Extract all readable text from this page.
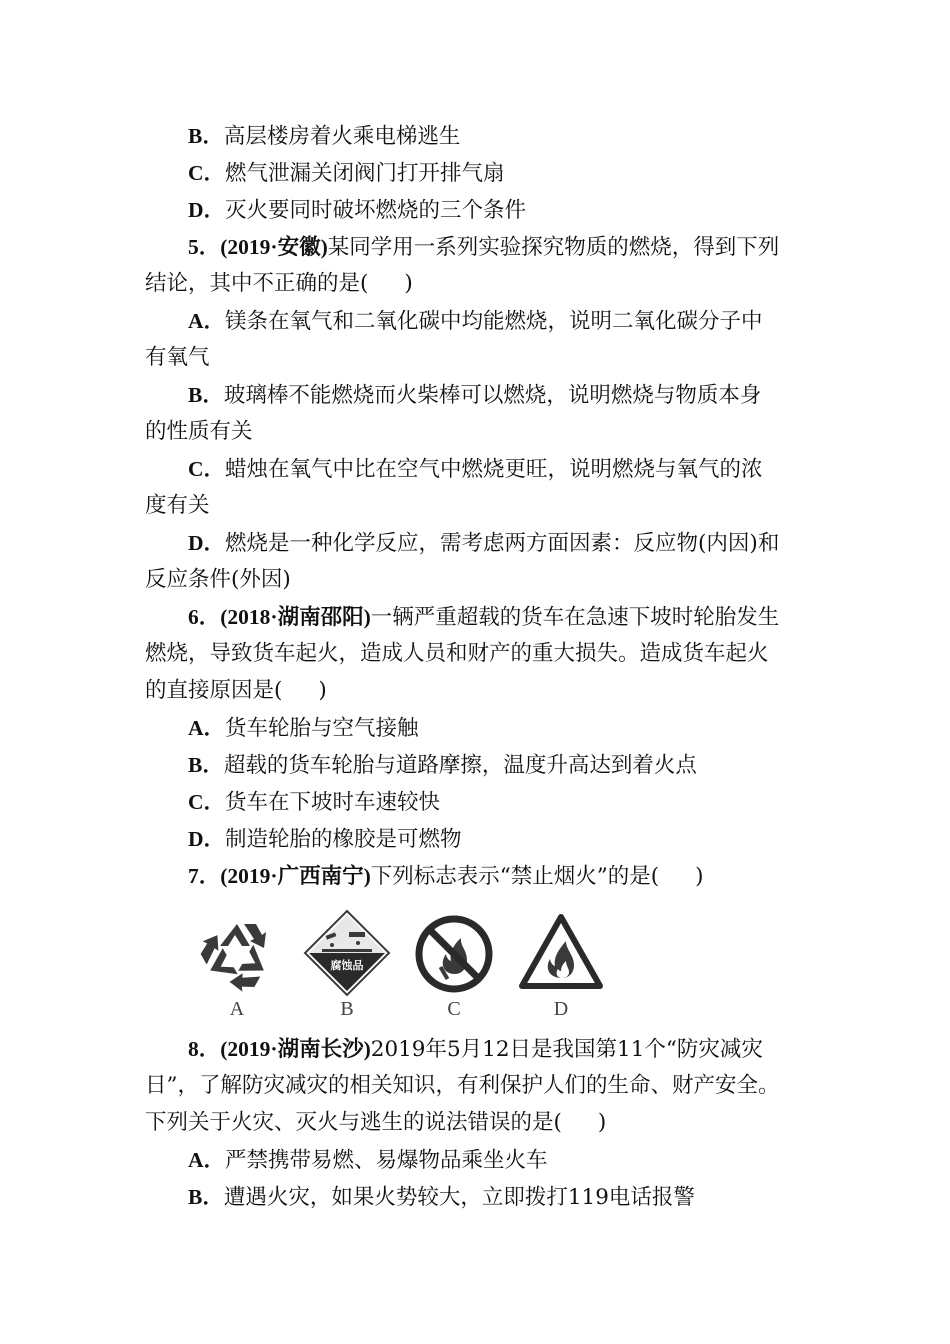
B．高层楼房着火乘电梯逃生
C．燃气泄漏关闭阀门打开排气扇
D．灭火要同时破坏燃烧的三个条件
5．(2019·安徽)某同学用一系列实验探究物质的燃烧，得到下列
结论，其中不正确的是( )
A．镁条在氧气和二氧化碳中均能燃烧，说明二氧化碳分子中
有氧气
B．玻璃棒不能燃烧而火柴棒可以燃烧，说明燃烧与物质本身
的性质有关
C．蜡烛在氧气中比在空气中燃烧更旺，说明燃烧与氧气的浓
度有关
D．燃烧是一种化学反应，需考虑两方面因素：反应物(内因)和
反应条件(外因)
6．(2018·湖南邵阳)一辆严重超载的货车在急速下坡时轮胎发生
燃烧，导致货车起火，造成人员和财产的重大损失。造成货车起火
的直接原因是( )
A．货车轮胎与空气接触
B．超载的货车轮胎与道路摩擦，温度升高达到着火点
C．货车在下坡时车速较快
D．制造轮胎的橡胶是可燃物
7．(2019·广西南宁)下列标志表示“禁止烟火”的是( )
A
腐蚀品
B	C	D
8．(2019·湖南长沙)2019年5月12日是我国第11个“防灾减灾
日”，了解防灾减灾的相关知识，有利保护人们的生命、财产安全。
下列关于火灾、灭火与逃生的说法错误的是( )
A．严禁携带易燃、易爆物品乘坐火车
B．遭遇火灾，如果火势较大，立即拨打119电话报警
